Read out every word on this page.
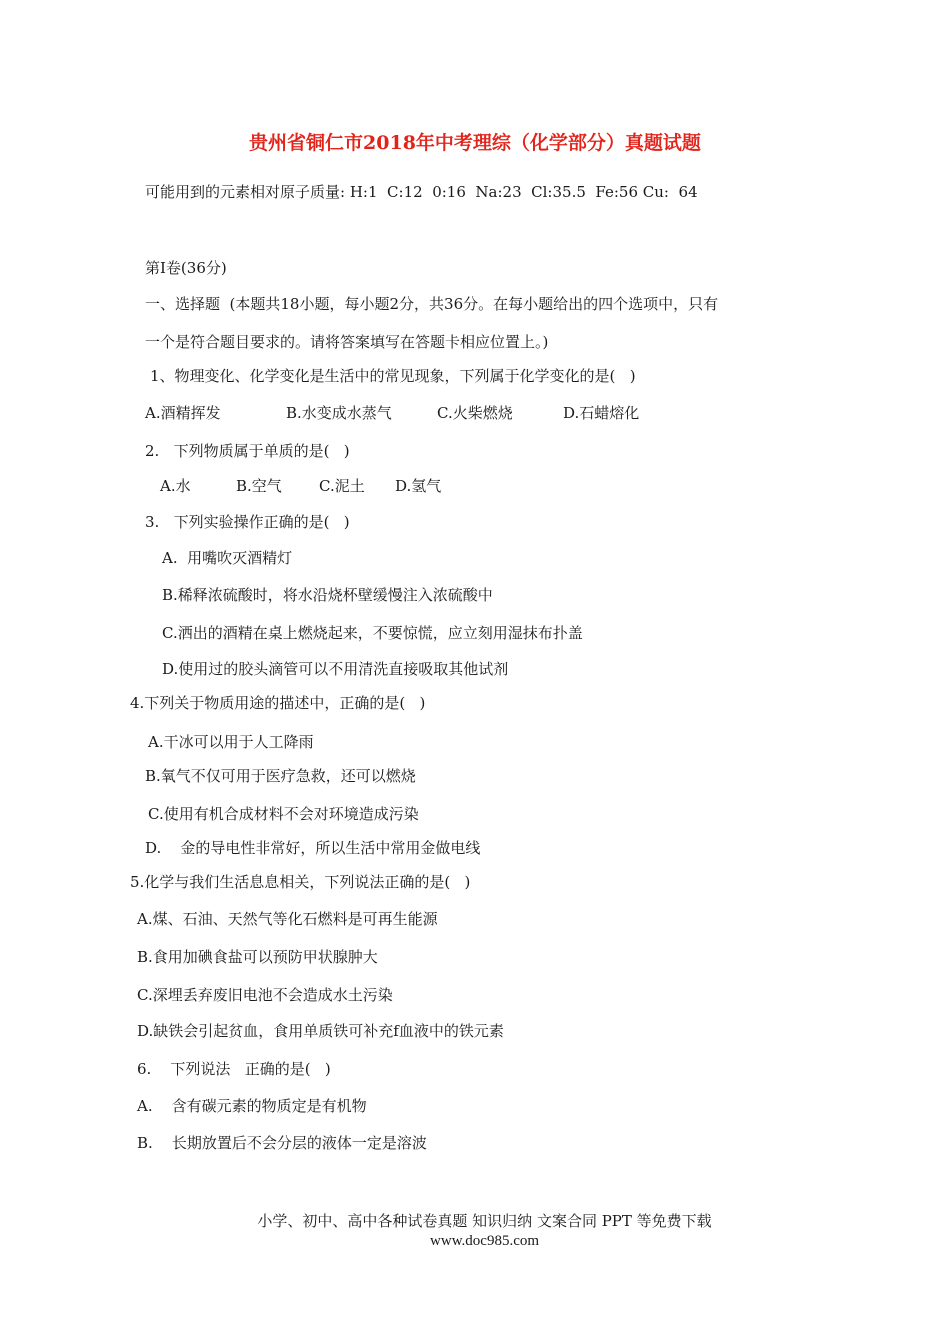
贵州省铜仁市2018年中考理综（化学部分）真题试题
可能用到的元素相对原子质量: H:1  C:12  0:16  Na:23  Cl:35.5  Fe:56 Cu:  64
第I卷(36分)
一、选择题  (本题共18小题，每小题2分，共36分。在每小题给出的四个选项中，只有
一个是符合题目要求的。请将答案填写在答题卡相应位置上。)
1、物理变化、化学变化是生活中的常见现象，下列属于化学变化的是(   )
A.酒精挥发	B.水变成水蒸气	C.火柴燃烧	D.石蜡熔化
2.   下列物质属于单质的是(   )
A.水	B.空气 C.泥土 D.氢气
3.   下列实验操作正确的是(   )
A.  用嘴吹灭酒精灯
B.稀释浓硫酸时，将水沿烧杯壁缓慢注入浓硫酸中
C.洒出的酒精在桌上燃烧起来，不要惊慌，应立刻用湿抹布扑盖
D.使用过的胶头滴管可以不用清洗直接吸取其他试剂
4.下列关于物质用途的描述中，正确的是(   )
A.干冰可以用于人工降雨
B.氧气不仅可用于医疗急救，还可以燃烧
C.使用有机合成材料不会对环境造成污染
D.    金的导电性非常好，所以生活中常用金做电线
5.化学与我们生活息息相关，下列说法正确的是(   )
A.煤、石油、天然气等化石燃料是可再生能源
B.食用加碘食盐可以预防甲状腺肿大
C.深埋丢弃废旧电池不会造成水土污染
D.缺铁会引起贫血，食用单质铁可补充f血液中的铁元素
6.    下列说法   正确的是(   )
A.    含有碳元素的物质定是有机物
B.    长期放置后不会分层的液体一定是溶波

小学、初中、高中各种试卷真题 知识归纳 文案合同 PPT 等免费下载
www.doc985.com
